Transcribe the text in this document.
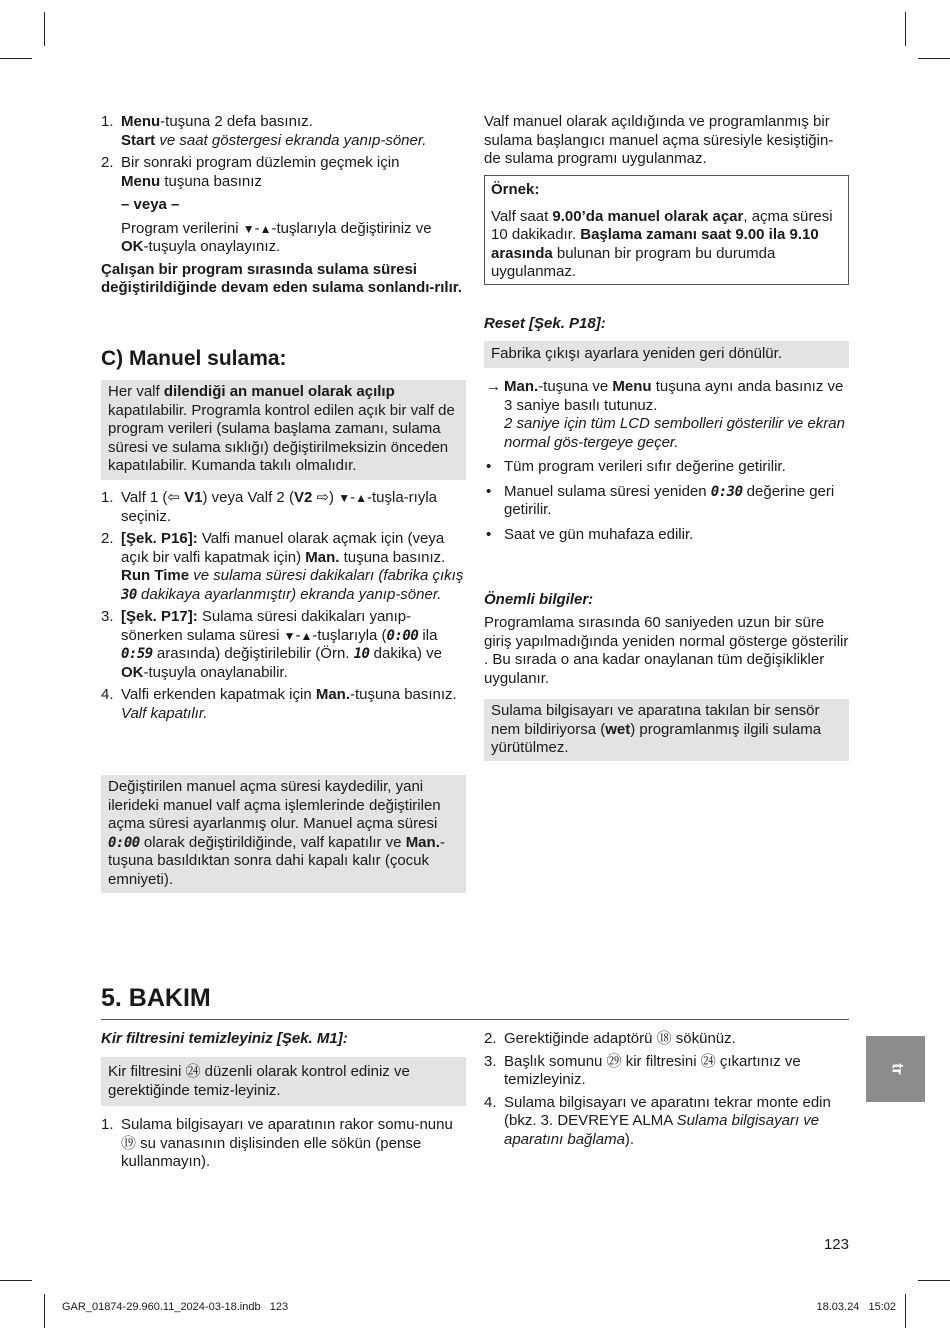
1. Menu-tuşuna 2 defa basınız.
Start ve saat göstergesi ekranda yanıp-söner.
2. Bir sonraki program düzlemin geçmek için
Menu tuşuna basınız
– veya –
Program verilerini ▼-▲-tuşlarıyla değiştiriniz ve
OK-tuşuyla onaylayınız.
Çalışan bir program sırasında sulama süresi değiştirildiğinde devam eden sulama sonlandı-rılır.
C) Manuel sulama:
Her valf dilendiği an manuel olarak açılıp kapatılabilir. Programla kontrol edilen açık bir valf de program verileri (sulama başlama zamanı, sulama süresi ve sulama sıklığı) değiştirilmeksizin önceden kapatılabilir. Kumanda takılı olmalıdır.
1. Valf 1 (⇦ V1) veya Valf 2 (V2 ⇨) ▼-▲-tuşla-rıyla seçiniz.
2. [Şek. P16]: Valfi manuel olarak açmak için (veya açık bir valfi kapatmak için) Man. tuşuna basınız. Run Time ve sulama süresi dakikaları (fabrika çıkış 30 dakikaya ayarlanmıştır) ekranda yanıp-söner.
3. [Şek. P17]: Sulama süresi dakikaları yanıp-sönerken sulama süresi ▼-▲-tuşlarıyla (0:00 ila 0:59 arasında) değiştirilebilir (Örn. 10 dakika) ve OK-tuşuyla onaylanabilir.
4. Valfi erkenden kapatmak için Man.-tuşuna basınız.
Valf kapatılır.
Değiştirilen manuel açma süresi kaydedilir, yani ilerideki manuel valf açma işlemlerinde değiştirilen açma süresi ayarlanmış olur. Manuel açma süresi 0:00 olarak değiştirildiğinde, valf kapatılır ve Man.-tuşuna basıldıktan sonra dahi kapalı kalır (çocuk emniyeti).
Valf manuel olarak açıldığında ve programlanmış bir sulama başlangıcı manuel açma süresiyle kesiştiğin-de sulama programı uygulanmaz.
Örnek:
Valf saat 9.00’da manuel olarak açar, açma süresi 10 dakikadır. Başlama zamanı saat 9.00 ila 9.10 arasında bulunan bir program bu durumda uygulanmaz.
Reset [Şek. P18]:
Fabrika çıkışı ayarlara yeniden geri dönülür.
→ Man.-tuşuna ve Menu tuşuna aynı anda basınız ve 3 saniye basılı tutunuz.
2 saniye için tüm LCD sembolleri gösterilir ve ekran normal gös-tergeye geçer.
• Tüm program verileri sıfır değerine getirilir.
• Manuel sulama süresi yeniden 0:30 değerine geri getirilir.
• Saat ve gün muhafaza edilir.
Önemli bilgiler:
Programlama sırasında 60 saniyeden uzun bir süre giriş yapılmadığında yeniden normal gösterge gösterilir . Bu sırada o ana kadar onaylanan tüm değişiklikler uygulanır.
Sulama bilgisayarı ve aparatına takılan bir sensör nem bildiriyorsa (wet) programlanmış ilgili sulama yürütülmez.
5. BAKIM
Kir filtresini temizleyiniz [Şek. M1]:
Kir filtresini ㉔ düzenli olarak kontrol ediniz ve gerektiğinde temiz-leyiniz.
1. Sulama bilgisayarı ve aparatının rakor somu-nunu ⑲ su vanasının dişlisinden elle sökün (pense kullanmayın).
2. Gerektiğinde adaptörü ⑱ sökünüz.
3. Başlık somunu ㉙ kir filtresini ㉔ çıkartınız ve temizleyiniz.
4. Sulama bilgisayarı ve aparatını tekrar monte edin (bkz. 3. DEVREYE ALMA Sulama bilgisayarı ve aparatını bağlama).
tr
123
GAR_01874-29.960.11_2024-03-18.indb   123	18.03.24   15:02
